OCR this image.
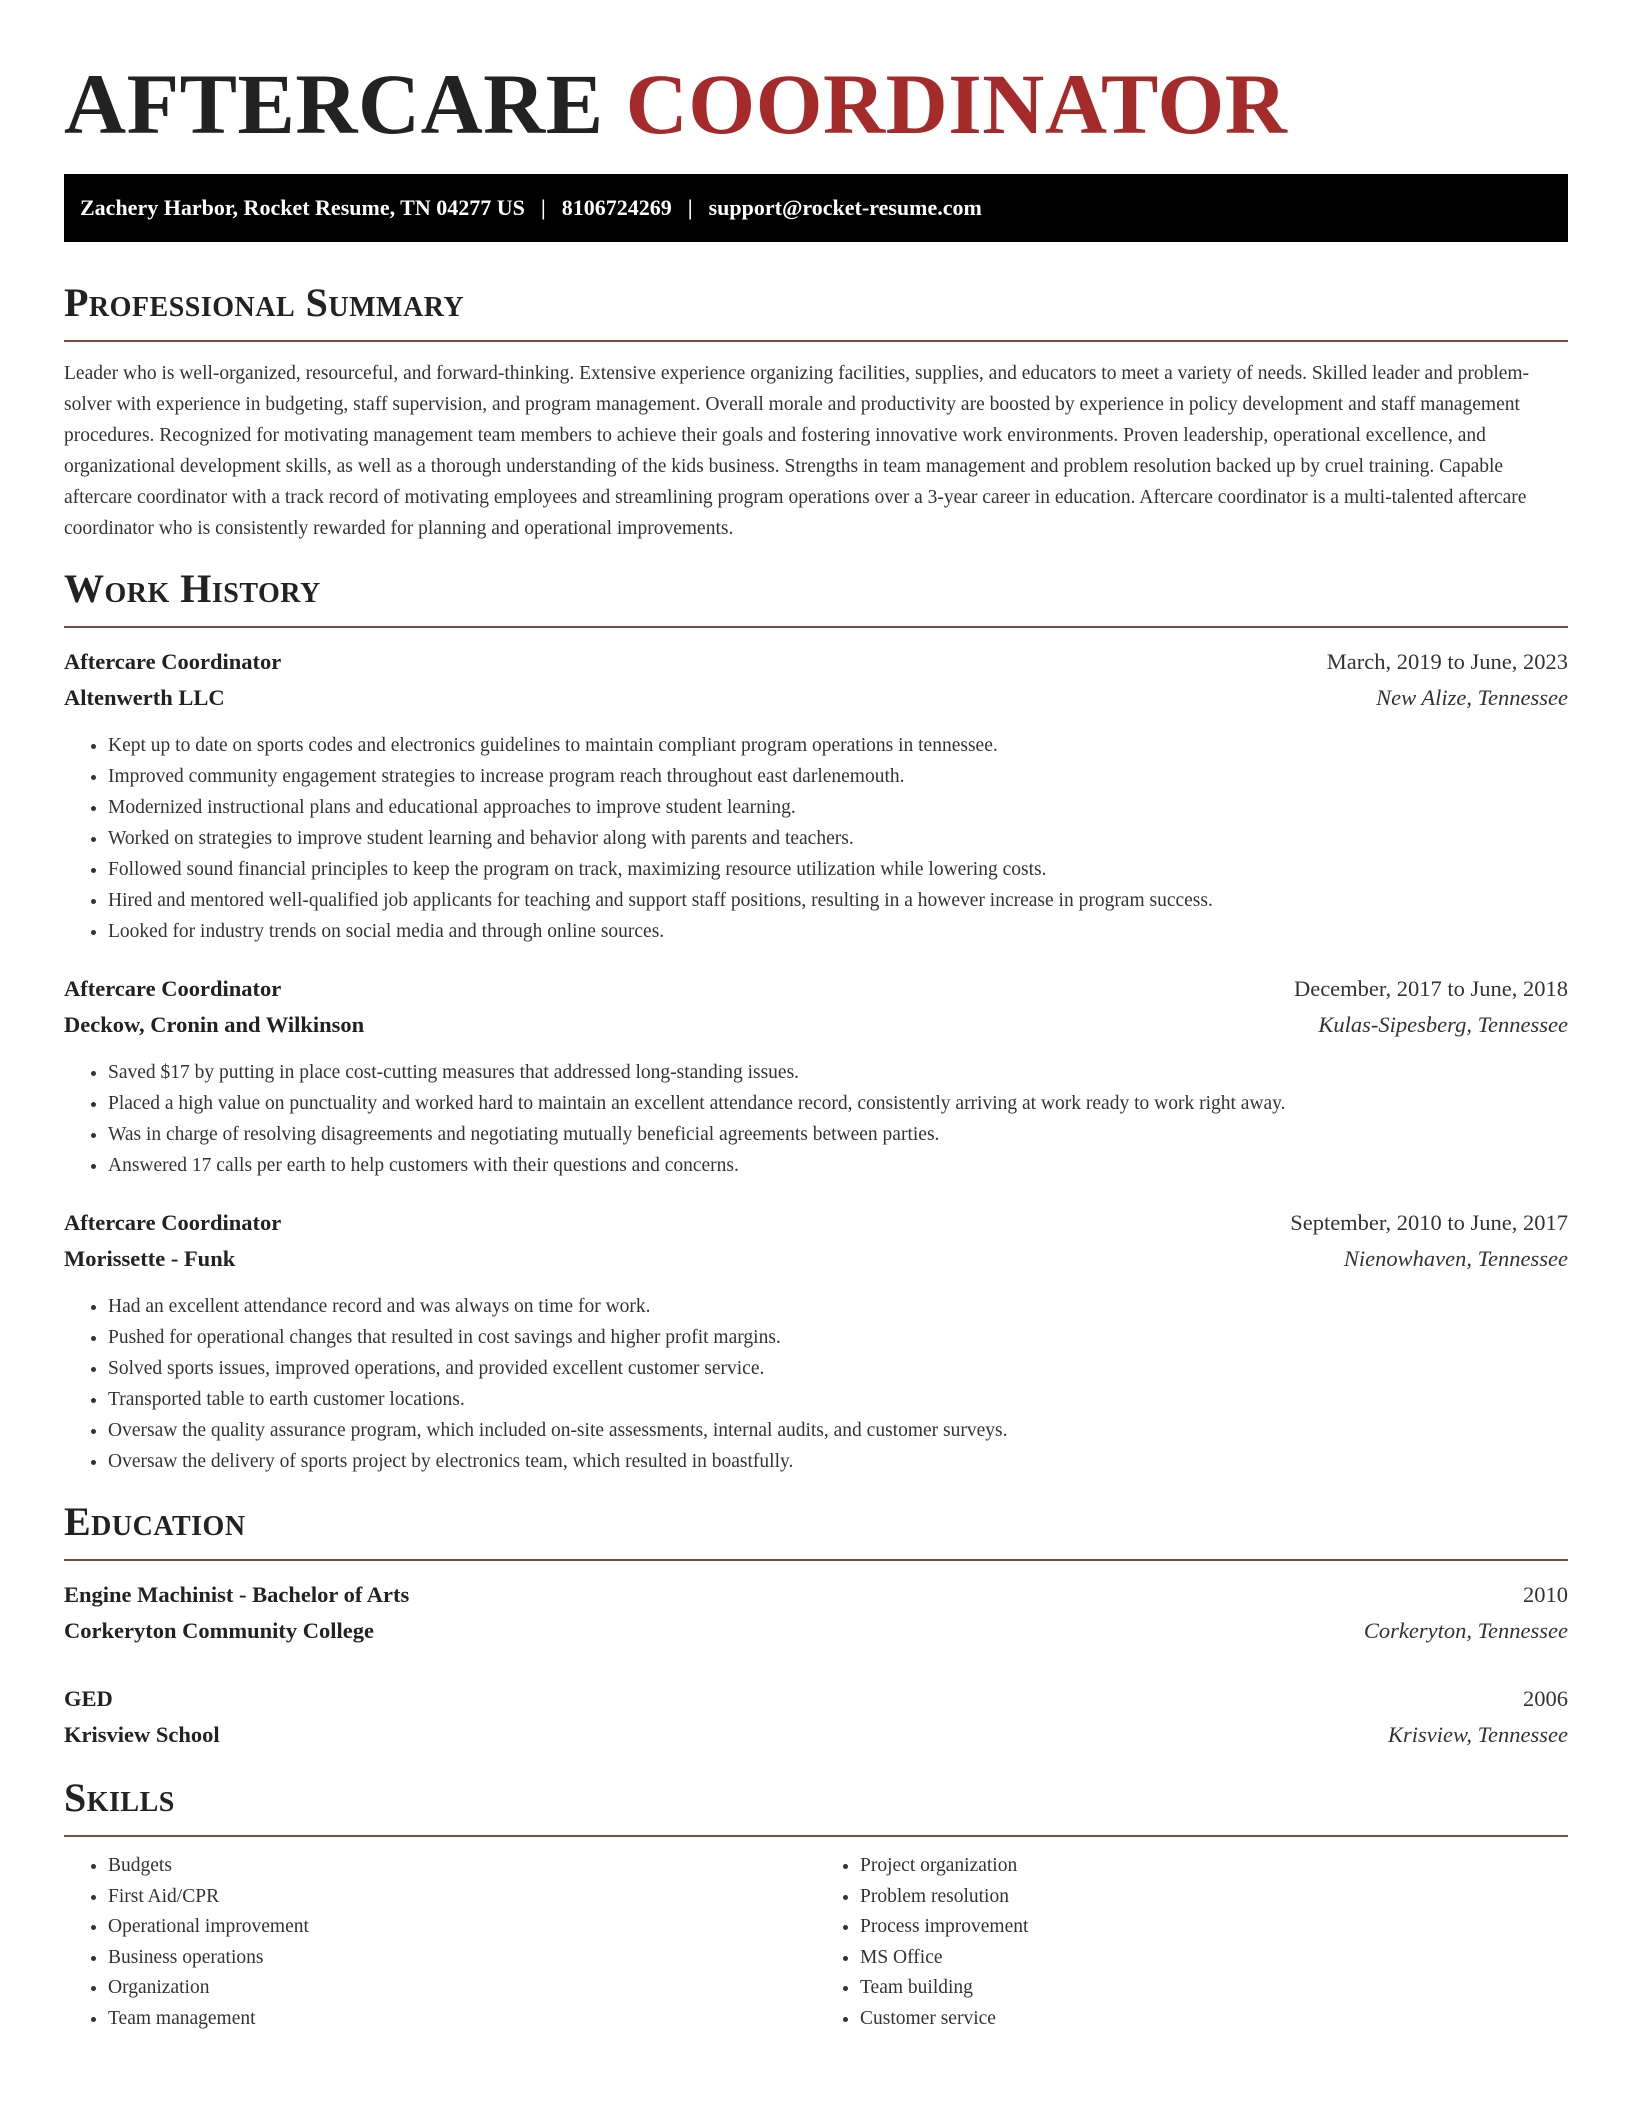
AFTERCARE COORDINATOR
Zachery Harbor, Rocket Resume, TN 04277 US | 8106724269 | support@rocket-resume.com
Professional Summary

Leader who is well-organized, resourceful, and forward-thinking. Extensive experience organizing facilities, supplies, and educators to meet a variety of needs. Skilled leader and problem-solver with experience in budgeting, staff supervision, and program management. Overall morale and productivity are boosted by experience in policy development and staff management procedures. Recognized for motivating management team members to achieve their goals and fostering innovative work environments. Proven leadership, operational excellence, and organizational development skills, as well as a thorough understanding of the kids business. Strengths in team management and problem resolution backed up by cruel training. Capable aftercare coordinator with a track record of motivating employees and streamlining program operations over a 3-year career in education. Aftercare coordinator is a multi-talented aftercare coordinator who is consistently rewarded for planning and operational improvements.

Work History
Aftercare Coordinator	March, 2019 to June, 2023
Altenwerth LLC	New Alize, Tennessee
• Kept up to date on sports codes and electronics guidelines to maintain compliant program operations in tennessee.
• Improved community engagement strategies to increase program reach throughout east darlenemouth.
• Modernized instructional plans and educational approaches to improve student learning.
• Worked on strategies to improve student learning and behavior along with parents and teachers.
• Followed sound financial principles to keep the program on track, maximizing resource utilization while lowering costs.
• Hired and mentored well-qualified job applicants for teaching and support staff positions, resulting in a however increase in program success.
• Looked for industry trends on social media and through online sources.
Aftercare Coordinator	December, 2017 to June, 2018
Deckow, Cronin and Wilkinson	Kulas-Sipesberg, Tennessee
• Saved $17 by putting in place cost-cutting measures that addressed long-standing issues.
• Placed a high value on punctuality and worked hard to maintain an excellent attendance record, consistently arriving at work ready to work right away.
• Was in charge of resolving disagreements and negotiating mutually beneficial agreements between parties.
• Answered 17 calls per earth to help customers with their questions and concerns.
Aftercare Coordinator	September, 2010 to June, 2017
Morissette - Funk	Nienowhaven, Tennessee
• Had an excellent attendance record and was always on time for work.
• Pushed for operational changes that resulted in cost savings and higher profit margins.
• Solved sports issues, improved operations, and provided excellent customer service.
• Transported table to earth customer locations.
• Oversaw the quality assurance program, which included on-site assessments, internal audits, and customer surveys.
• Oversaw the delivery of sports project by electronics team, which resulted in boastfully.
Education
Engine Machinist - Bachelor of Arts	2010
Corkeryton Community College	Corkeryton, Tennessee
GED	2006
Krisview School	Krisview, Tennessee
Skills
• Budgets
• First Aid/CPR
• Operational improvement
• Business operations
• Organization
• Team management
• Project organization
• Problem resolution
• Process improvement
• MS Office
• Team building
• Customer service
